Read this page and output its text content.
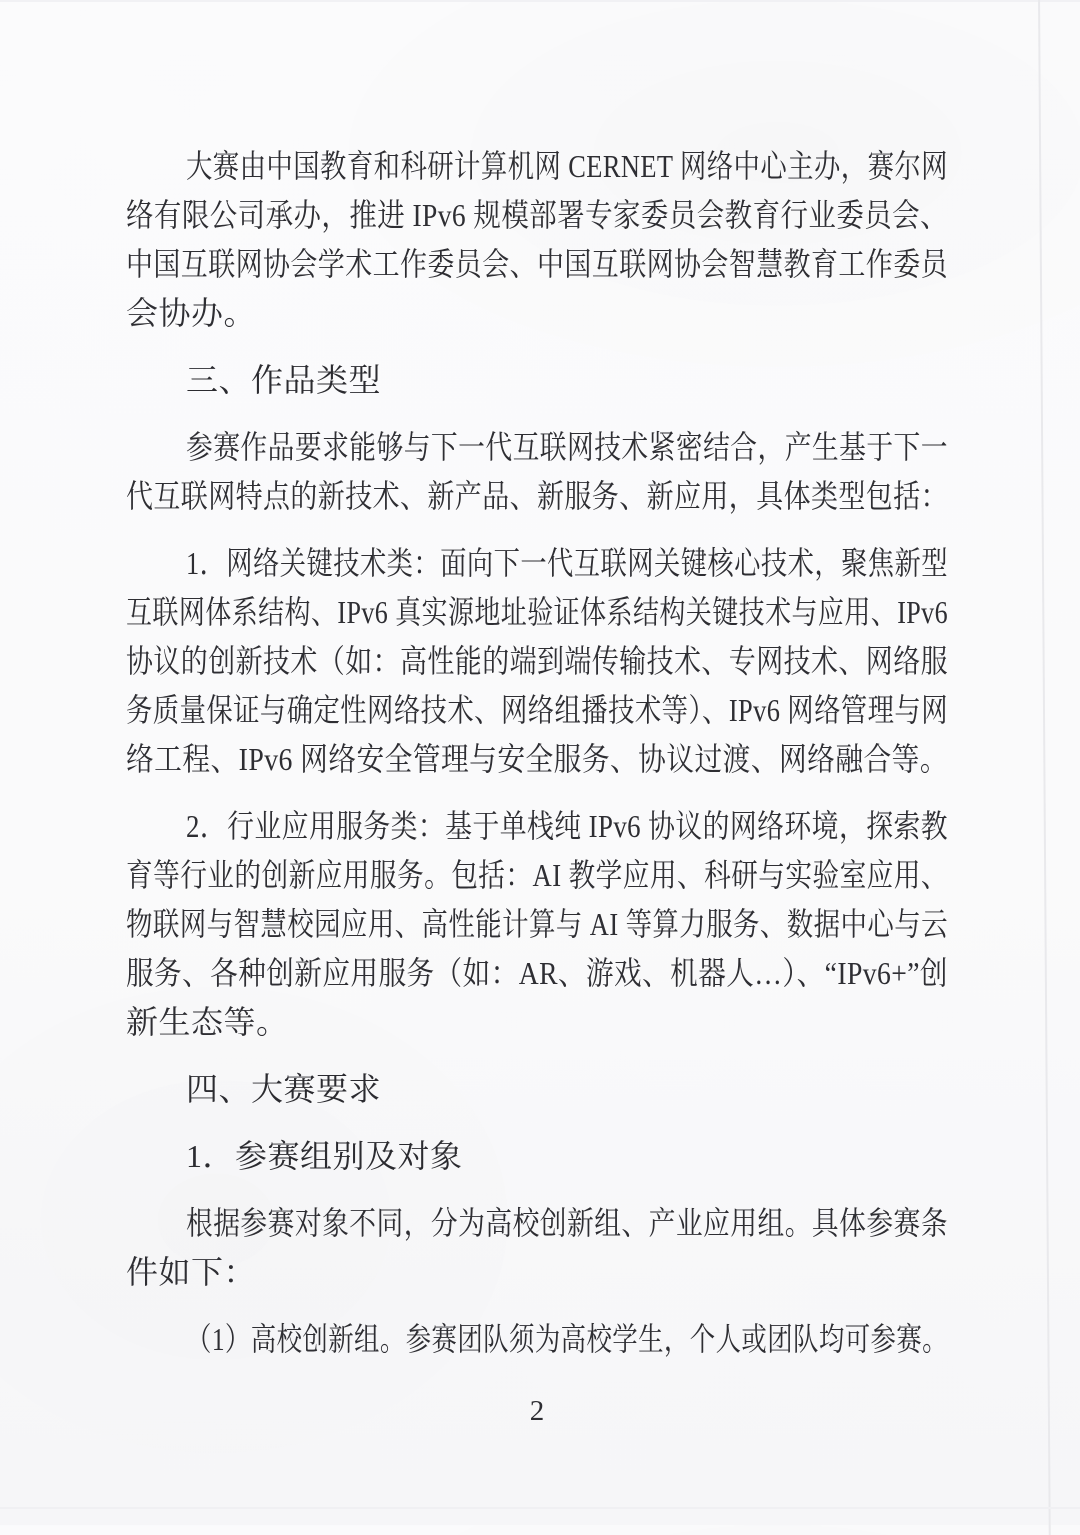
大赛由中国教育和科研计算机网 CERNET 网络中心主办，赛尔网
络有限公司承办，推进 IPv6 规模部署专家委员会教育行业委员会、
中国互联网协会学术工作委员会、中国互联网协会智慧教育工作委员
会协办。
三、作品类型
参赛作品要求能够与下一代互联网技术紧密结合，产生基于下一
代互联网特点的新技术、新产品、新服务、新应用，具体类型包括：
1．网络关键技术类：面向下一代互联网关键核心技术，聚焦新型
互联网体系结构、IPv6 真实源地址验证体系结构关键技术与应用、IPv6
协议的创新技术（如：高性能的端到端传输技术、专网技术、网络服
务质量保证与确定性网络技术、网络组播技术等）、IPv6 网络管理与网
络工程、IPv6 网络安全管理与安全服务、协议过渡、网络融合等。
2．行业应用服务类：基于单栈纯 IPv6 协议的网络环境，探索教
育等行业的创新应用服务。包括：AI 教学应用、科研与实验室应用、
物联网与智慧校园应用、高性能计算与 AI 等算力服务、数据中心与云
服务、各种创新应用服务（如：AR、游戏、机器人…）、“IPv6+”创
新生态等。
四、大赛要求
1．参赛组别及对象
根据参赛对象不同，分为高校创新组、产业应用组。具体参赛条
件如下：
（1）高校创新组。参赛团队须为高校学生，个人或团队均可参赛。
2
